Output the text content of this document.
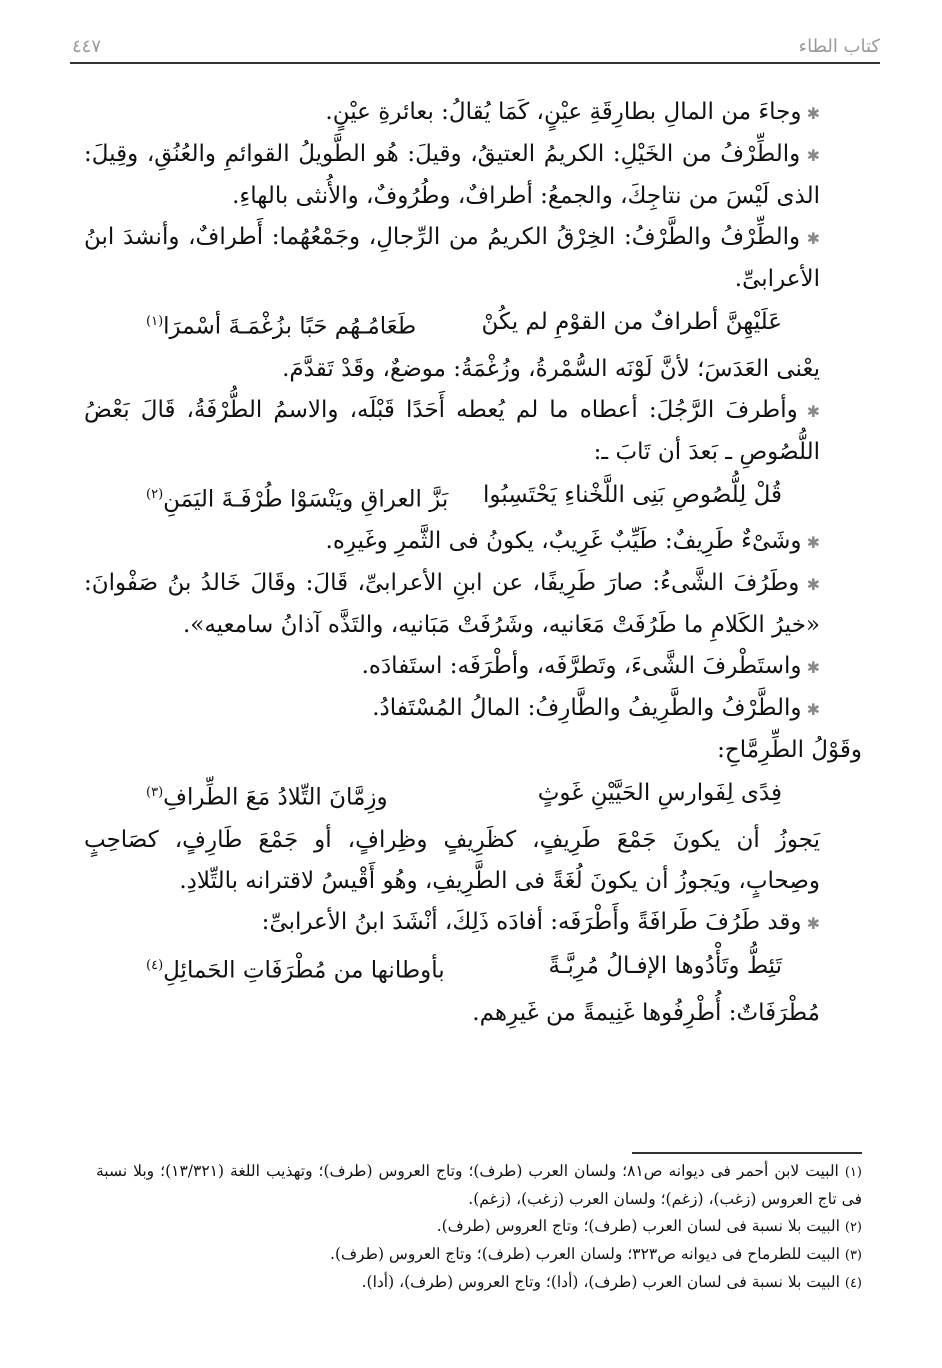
كتاب الطاء
٤٤٧

✱ وجاءَ من المالِ بطارِقَةِ عيْنٍ، كَمَا يُقالُ: بعائرةِ عيْنٍ.

✱ والطِّرْفُ من الخَيْلِ: الكريمُ العتيقُ، وقيلَ: هُو الطَّويلُ القوائمِ والعُنُقِ، وقِيلَ: الذى لَيْسَ من نتاجِكَ، والجمعُ: أطرافٌ، وطُرُوفٌ، والأُنثى بالهاءِ.

✱ والطِّرْفُ والطَّرْفُ: الخِرْقُ الكريمُ من الرِّجالِ، وجَمْعُهُما: أَطرافٌ، وأنشدَ ابنُ الأعرابىِّ.

عَلَيْهِنَّ أطرافٌ من القوْمِ لم يكُنْ
طَعَامُـهُم حَبًا بزُغْمَـةَ أسْمرَا$^{(١)}$

يعْنى العَدَسَ؛ لأنَّ لَوْنَه السُّمْرةُ، وزُغْمَةُ: موضعٌ، وقَدْ تَقدَّمَ.

✱ وأطرفَ الرَّجُلَ: أعطاه ما لم يُعطه أَحَدًا قَبْلَه، والاسمُ الطُّرْفَةُ، قَالَ بَعْضُ اللُّصُوصِ ـ بَعدَ أن تَابَ ـ:

قُلْ لِلُّصُوصِ بَنِى اللَّخْناءِ يَحْتَسِبُوا
بَزَّ العراقِ ويَنْسَوْا طُرْفَـةَ اليَمَنِ$^{(٢)}$

✱ وشَىْءٌ طَرِيفٌ: طَيِّبٌ غَرِيبٌ، يكونُ فى الثَّمرِ وغَيرِه.

✱ وطَرُفَ الشَّىءُ: صارَ طَرِيفًا، عن ابنِ الأعرابىِّ، قَالَ: وقَالَ خَالدُ بنُ صَفْوانَ: «خيرُ الكَلامِ ما طَرُفَتْ مَعَانيه، وشَرُفَتْ مَبَانيه، والتَذَّه آذانُ سامعيه».

✱ واستَطْرفَ الشَّىءَ، وتَطرَّفَه، وأطْرَفَه: استَفادَه.

✱ والطَّرْفُ والطَّرِيفُ والطَّارِفُ: المالُ المُسْتَفادُ.

وقَوْلُ الطِّرِمَّاحِ:

فِدًى لِفَوارسِ الحَيَّيْنِ غَوثٍ
وزِمَّانَ التِّلادُ مَعَ الطِّرافِ$^{(٣)}$

يَجوزُ أن يكونَ جَمْعَ طَرِيفٍ، كظَرِيفٍ وظِرافٍ، أو جَمْعَ طَارِفٍ، كصَاحِبٍ وصِحابٍ، ويَجوزُ أن يكونَ لُغَةً فى الطَّرِيفِ، وهُو أَقْيسُ لاقترانه بالتِّلادِ.

✱ وقد طَرُفَ طَرافَةً وأَطْرَفَه: أفادَه ذَلِكَ، أنْشَدَ ابنُ الأعرابىِّ:

تَئِطُّ وتَأْدُوها الإفـالُ مُرِبَّـةً
بأوطانها من مُطْرَفَاتِ الحَمائِلِ$^{(٤)}$

مُطْرَفَاتٌ: أُطْرِفُوها غَنِيمةً من غَيرِهم.

(١) البيت لابن أحمر فى ديوانه ص٨١؛ ولسان العرب (طرف)؛ وتاج العروس (طرف)؛ وتهذيب اللغة (١٣/٣٢١)؛ وبلا نسبة فى تاج العروس (زغب)، (زغم)؛ ولسان العرب (زغب)، (زغم).

(٢) البيت بلا نسبة فى لسان العرب (طرف)؛ وتاج العروس (طرف).

(٣) البيت للطرماح فى ديوانه ص٣٢٣؛ ولسان العرب (طرف)؛ وتاج العروس (طرف).

(٤) البيت بلا نسبة فى لسان العرب (طرف)، (أدا)؛ وتاج العروس (طرف)، (أدا).
